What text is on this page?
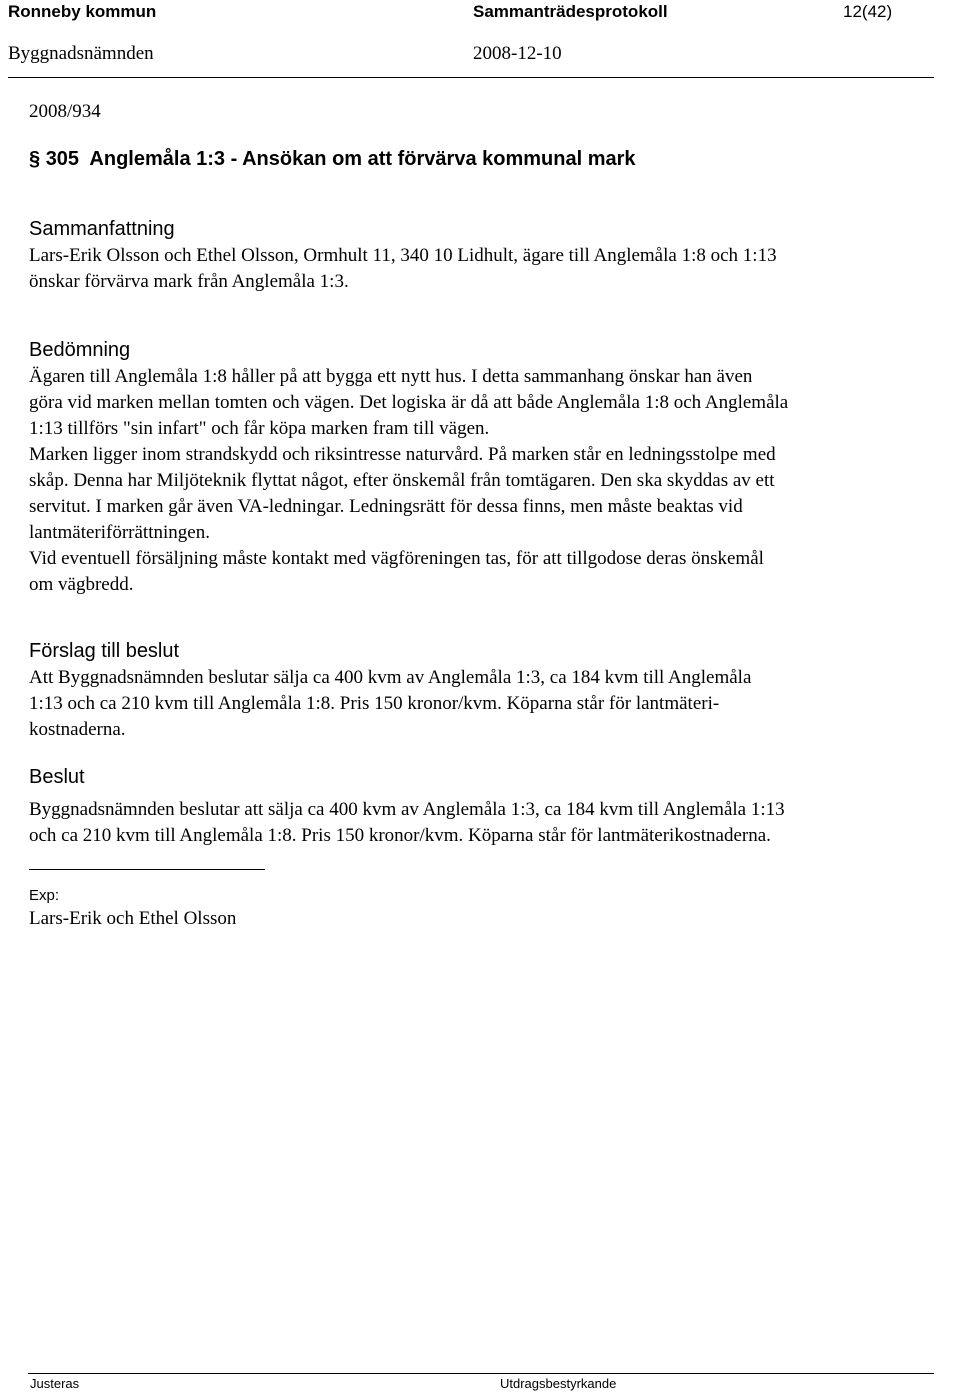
Ronneby kommun	Sammanträdesprotokoll	12(42)
Byggnadsnämnden	2008-12-10
2008/934
§ 305  Anglemåla 1:3 - Ansökan om att förvärva kommunal mark
Sammanfattning
Lars-Erik Olsson och Ethel Olsson, Ormhult 11, 340 10 Lidhult, ägare till Anglemåla 1:8 och 1:13
önskar förvärva mark från Anglemåla 1:3.
Bedömning
Ägaren till Anglemåla 1:8 håller på att bygga ett nytt hus. I detta sammanhang önskar han även
göra vid marken mellan tomten och vägen. Det logiska är då att både Anglemåla 1:8 och Anglemåla
1:13 tillförs "sin infart" och får köpa marken fram till vägen.
Marken ligger inom strandskydd och riksintresse naturvård. På marken står en ledningsstolpe med
skåp. Denna har Miljöteknik flyttat något, efter önskemål från tomtägaren. Den ska skyddas av ett
servitut. I marken går även VA-ledningar. Ledningsrätt för dessa finns, men måste beaktas vid
lantmäteriförrättningen.
Vid eventuell försäljning måste kontakt med vägföreningen tas, för att tillgodose deras önskemål
om vägbredd.
Förslag till beslut
Att Byggnadsnämnden beslutar sälja ca 400 kvm av Anglemåla 1:3, ca 184 kvm till Anglemåla
1:13 och ca 210 kvm till Anglemåla 1:8. Pris 150 kronor/kvm. Köparna står för lantmäteri-
kostnaderna.
Beslut
Byggnadsnämnden beslutar att sälja ca 400 kvm av Anglemåla 1:3, ca 184 kvm till Anglemåla 1:13
och ca 210 kvm till Anglemåla 1:8. Pris 150 kronor/kvm. Köparna står för lantmäterikostnaderna.
Exp:
Lars-Erik och Ethel Olsson
Justeras	Utdragsbestyrkande
